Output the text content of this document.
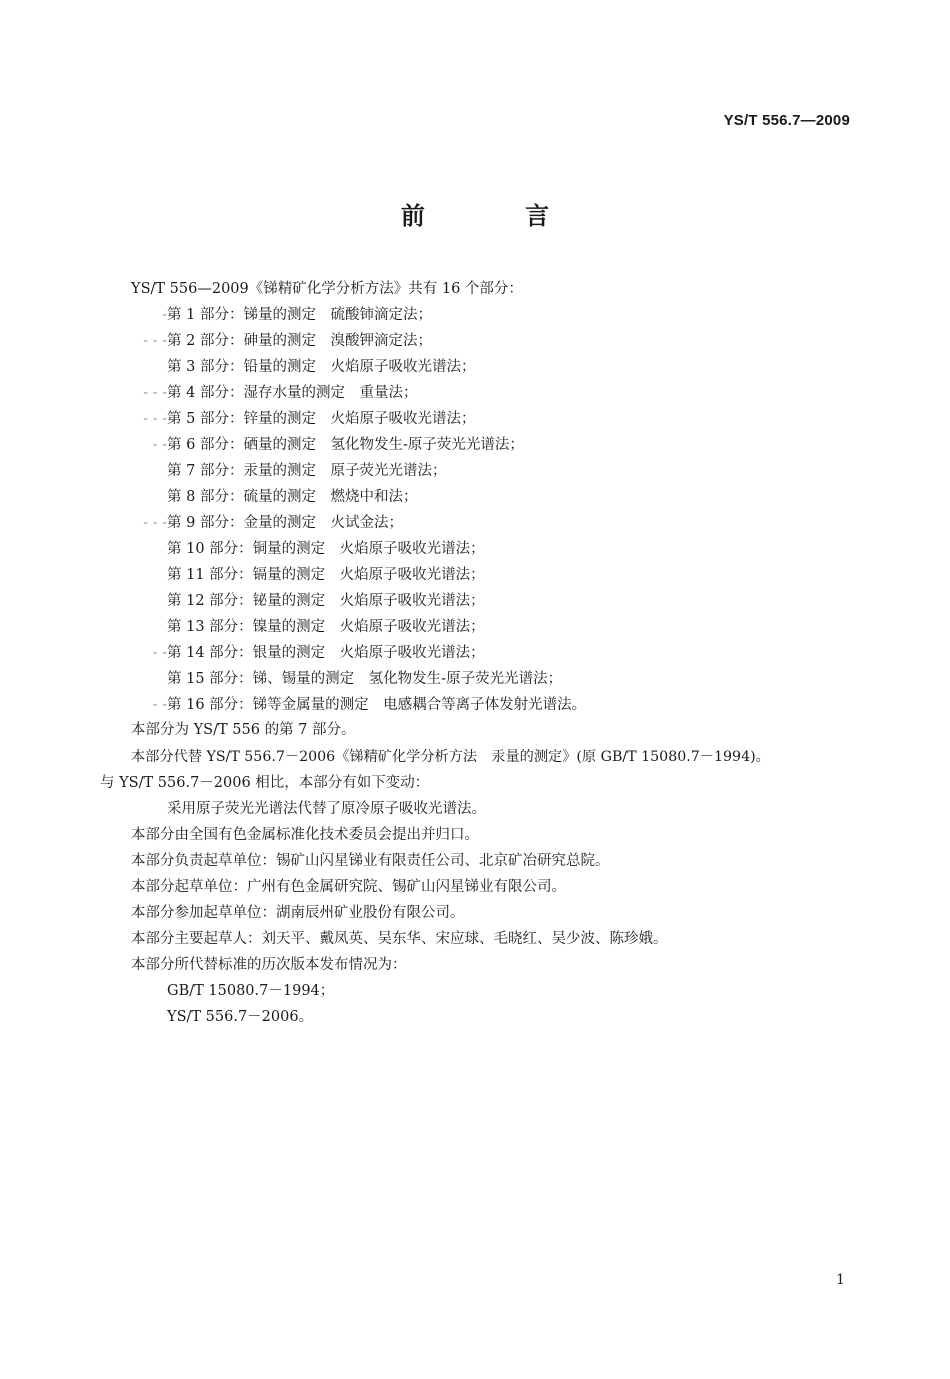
YS/T 556.7—2009
前 言
YS/T 556—2009《锑精矿化学分析方法》共有 16 个部分：
-第 1 部分：锑量的测定　硫酸铈滴定法；
- - -第 2 部分：砷量的测定　溴酸钾滴定法；
第 3 部分：铅量的测定　火焰原子吸收光谱法；
- - -第 4 部分：湿存水量的测定　重量法；
- - -第 5 部分：锌量的测定　火焰原子吸收光谱法；
- -第 6 部分：硒量的测定　氢化物发生-原子荧光光谱法；
第 7 部分：汞量的测定　原子荧光光谱法；
第 8 部分：硫量的测定　燃烧中和法；
- - -第 9 部分：金量的测定　火试金法；
第 10 部分：铜量的测定　火焰原子吸收光谱法；
第 11 部分：镉量的测定　火焰原子吸收光谱法；
第 12 部分：铋量的测定　火焰原子吸收光谱法；
第 13 部分：镍量的测定　火焰原子吸收光谱法；
- -第 14 部分：银量的测定　火焰原子吸收光谱法；
第 15 部分：锑、锡量的测定　氢化物发生-原子荧光光谱法；
- -第 16 部分：锑等金属量的测定　电感耦合等离子体发射光谱法。
本部分为 YS/T 556 的第 7 部分。
本部分代替 YS/T 556.7－2006《锑精矿化学分析方法　汞量的测定》(原 GB/T 15080.7－1994)。
与 YS/T 556.7－2006 相比，本部分有如下变动：
采用原子荧光光谱法代替了原冷原子吸收光谱法。
本部分由全国有色金属标准化技术委员会提出并归口。
本部分负责起草单位：锡矿山闪星锑业有限责任公司、北京矿冶研究总院。
本部分起草单位：广州有色金属研究院、锡矿山闪星锑业有限公司。
本部分参加起草单位：湖南辰州矿业股份有限公司。
本部分主要起草人：刘天平、戴凤英、吴东华、宋应球、毛晓红、吴少波、陈珍娥。
本部分所代替标准的历次版本发布情况为：
GB/T 15080.7－1994；
YS/T 556.7－2006。
1
